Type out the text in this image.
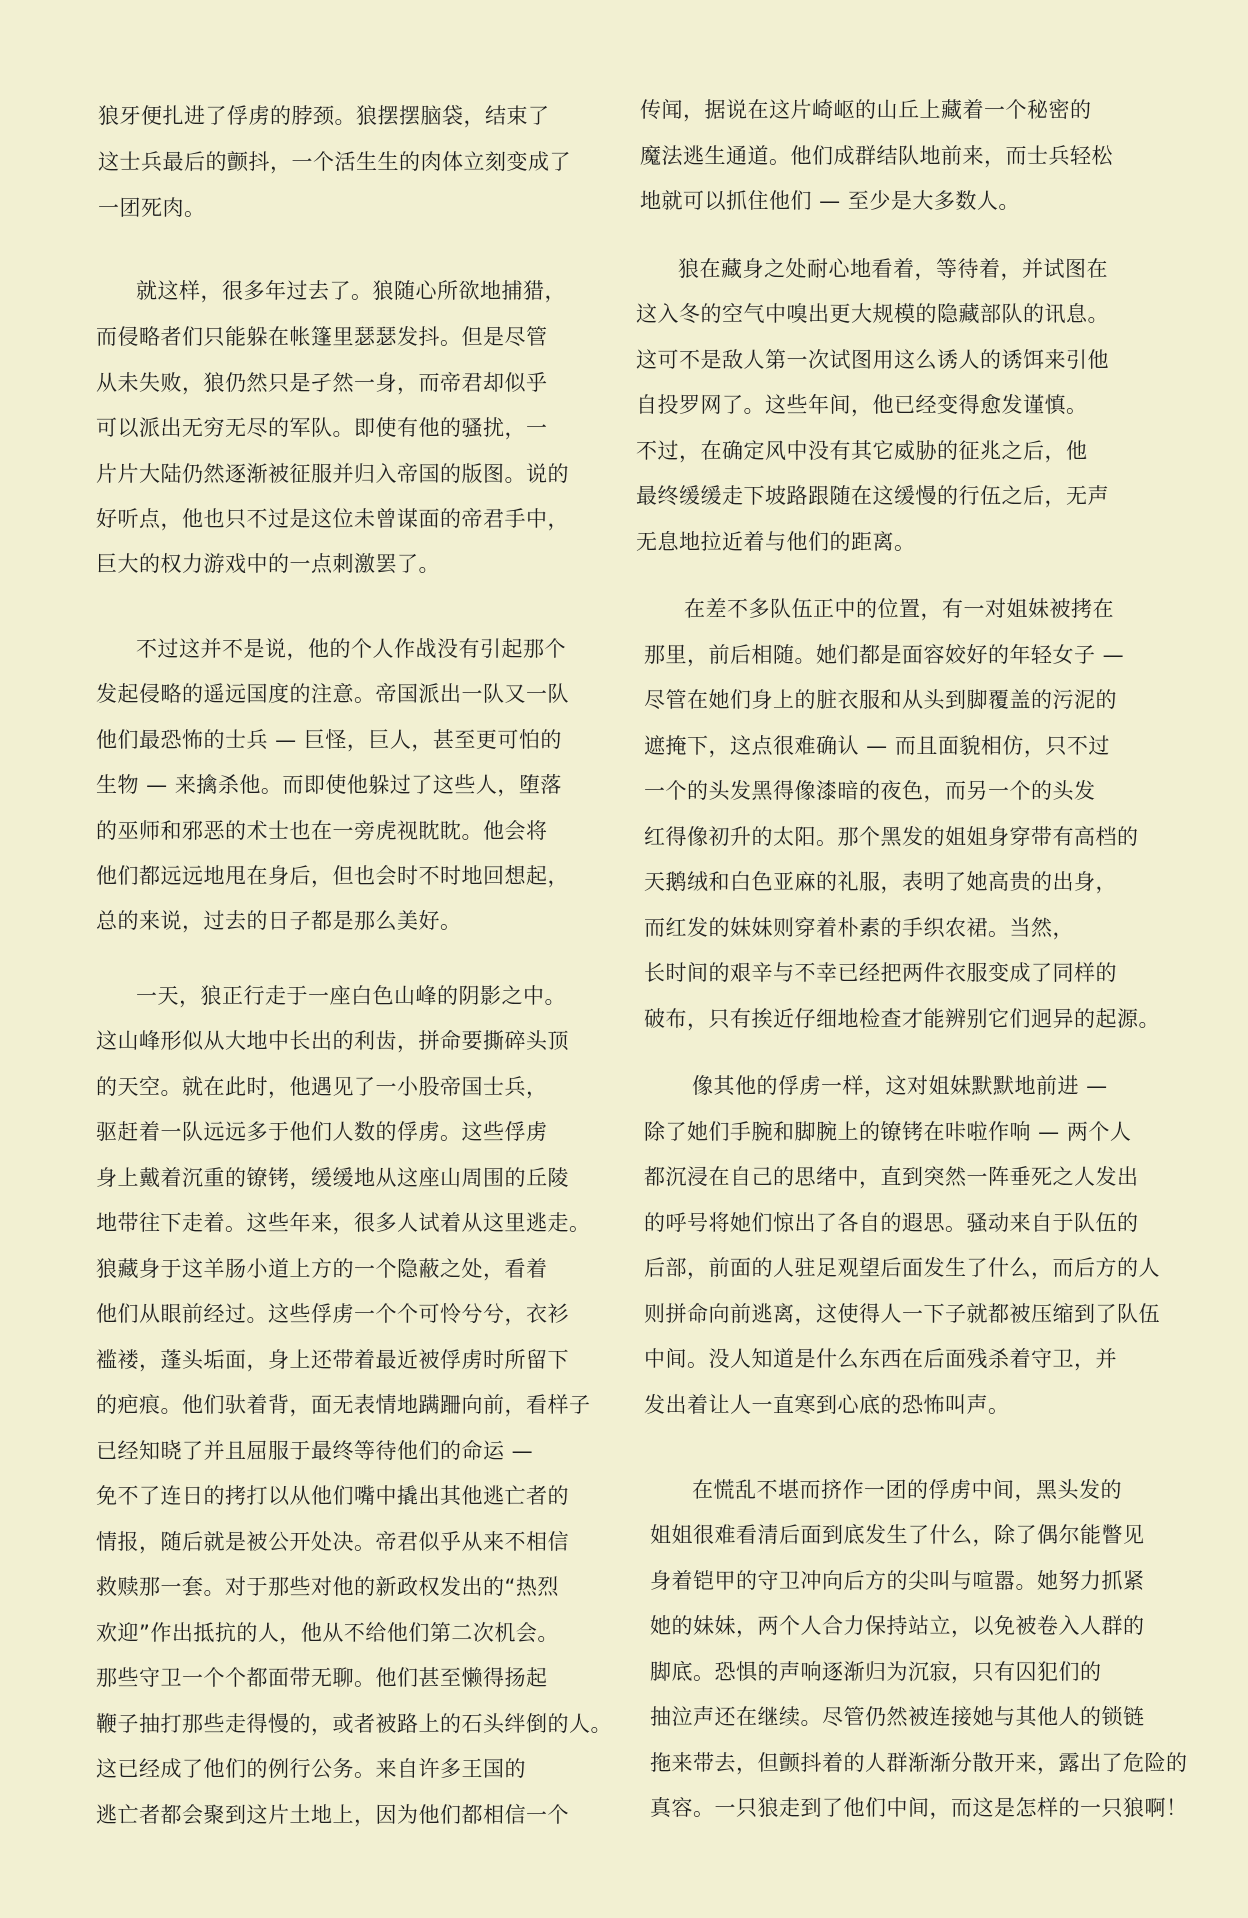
狼牙便扎进了俘虏的脖颈。狼摆摆脑袋，结束了
这士兵最后的颤抖，一个活生生的肉体立刻变成了
一团死肉。
就这样，很多年过去了。狼随心所欲地捕猎，
而侵略者们只能躲在帐篷里瑟瑟发抖。但是尽管
从未失败，狼仍然只是孑然一身，而帝君却似乎
可以派出无穷无尽的军队。即使有他的骚扰，一
片片大陆仍然逐渐被征服并归入帝国的版图。说的
好听点，他也只不过是这位未曾谋面的帝君手中，
巨大的权力游戏中的一点刺激罢了。
不过这并不是说，他的个人作战没有引起那个
发起侵略的遥远国度的注意。帝国派出一队又一队
他们最恐怖的士兵 — 巨怪，巨人，甚至更可怕的
生物 — 来擒杀他。而即使他躲过了这些人，堕落
的巫师和邪恶的术士也在一旁虎视眈眈。他会将
他们都远远地甩在身后，但也会时不时地回想起，
总的来说，过去的日子都是那么美好。
一天，狼正行走于一座白色山峰的阴影之中。
这山峰形似从大地中长出的利齿，拼命要撕碎头顶
的天空。就在此时，他遇见了一小股帝国士兵，
驱赶着一队远远多于他们人数的俘虏。这些俘虏
身上戴着沉重的镣铐，缓缓地从这座山周围的丘陵
地带往下走着。这些年来，很多人试着从这里逃走。
狼藏身于这羊肠小道上方的一个隐蔽之处，看着
他们从眼前经过。这些俘虏一个个可怜兮兮，衣衫
褴褛，蓬头垢面，身上还带着最近被俘虏时所留下
的疤痕。他们驮着背，面无表情地蹒跚向前，看样子
已经知晓了并且屈服于最终等待他们的命运 —
免不了连日的拷打以从他们嘴中撬出其他逃亡者的
情报，随后就是被公开处决。帝君似乎从来不相信
救赎那一套。对于那些对他的新政权发出的“热烈
欢迎”作出抵抗的人，他从不给他们第二次机会。
那些守卫一个个都面带无聊。他们甚至懒得扬起
鞭子抽打那些走得慢的，或者被路上的石头绊倒的人。
这已经成了他们的例行公务。来自许多王国的
逃亡者都会聚到这片土地上，因为他们都相信一个
传闻，据说在这片崎岖的山丘上藏着一个秘密的
魔法逃生通道。他们成群结队地前来，而士兵轻松
地就可以抓住他们 — 至少是大多数人。
狼在藏身之处耐心地看着，等待着，并试图在
这入冬的空气中嗅出更大规模的隐藏部队的讯息。
这可不是敌人第一次试图用这么诱人的诱饵来引他
自投罗网了。这些年间，他已经变得愈发谨慎。
不过，在确定风中没有其它威胁的征兆之后，他
最终缓缓走下坡路跟随在这缓慢的行伍之后，无声
无息地拉近着与他们的距离。
在差不多队伍正中的位置，有一对姐妹被拷在
那里，前后相随。她们都是面容姣好的年轻女子 —
尽管在她们身上的脏衣服和从头到脚覆盖的污泥的
遮掩下，这点很难确认 — 而且面貌相仿，只不过
一个的头发黑得像漆暗的夜色，而另一个的头发
红得像初升的太阳。那个黑发的姐姐身穿带有高档的
天鹅绒和白色亚麻的礼服，表明了她高贵的出身，
而红发的妹妹则穿着朴素的手织农裙。当然，
长时间的艰辛与不幸已经把两件衣服变成了同样的
破布，只有挨近仔细地检查才能辨别它们迥异的起源。
像其他的俘虏一样，这对姐妹默默地前进 —
除了她们手腕和脚腕上的镣铐在咔啦作响 — 两个人
都沉浸在自己的思绪中，直到突然一阵垂死之人发出
的呼号将她们惊出了各自的遐思。骚动来自于队伍的
后部，前面的人驻足观望后面发生了什么，而后方的人
则拼命向前逃离，这使得人一下子就都被压缩到了队伍
中间。没人知道是什么东西在后面残杀着守卫，并
发出着让人一直寒到心底的恐怖叫声。
在慌乱不堪而挤作一团的俘虏中间，黑头发的
姐姐很难看清后面到底发生了什么，除了偶尔能瞥见
身着铠甲的守卫冲向后方的尖叫与喧嚣。她努力抓紧
她的妹妹，两个人合力保持站立，以免被卷入人群的
脚底。恐惧的声响逐渐归为沉寂，只有囚犯们的
抽泣声还在继续。尽管仍然被连接她与其他人的锁链
拖来带去，但颤抖着的人群渐渐分散开来，露出了危险的
真容。一只狼走到了他们中间，而这是怎样的一只狼啊！
